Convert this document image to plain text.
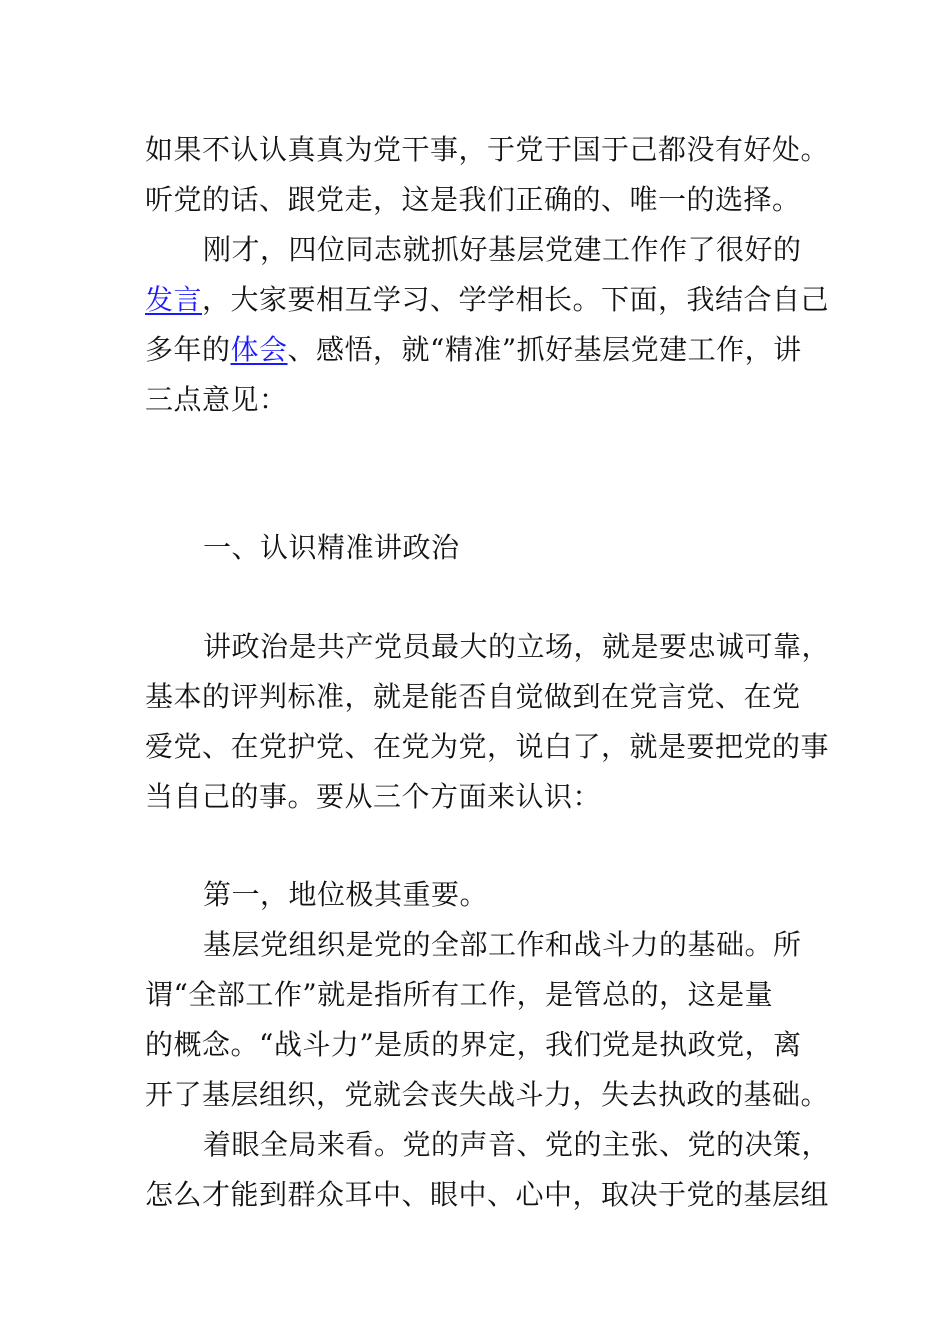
如果不认认真真为党干事，于党于国于己都没有好处。
听党的话、跟党走，这是我们正确的、唯一的选择。
刚才，四位同志就抓好基层党建工作作了很好的
发言，大家要相互学习、学学相长。下面，我结合自己
多年的体会、感悟，就“精准”抓好基层党建工作，讲
三点意见：
一、认识精准讲政治
讲政治是共产党员最大的立场，就是要忠诚可靠，
基本的评判标准，就是能否自觉做到在党言党、在党
爱党、在党护党、在党为党，说白了，就是要把党的事
当自己的事。要从三个方面来认识：
第一，地位极其重要。
基层党组织是党的全部工作和战斗力的基础。所
谓“全部工作”就是指所有工作，是管总的，这是量
的概念。“战斗力”是质的界定，我们党是执政党，离
开了基层组织，党就会丧失战斗力，失去执政的基础。
着眼全局来看。党的声音、党的主张、党的决策，
怎么才能到群众耳中、眼中、心中，取决于党的基层组
